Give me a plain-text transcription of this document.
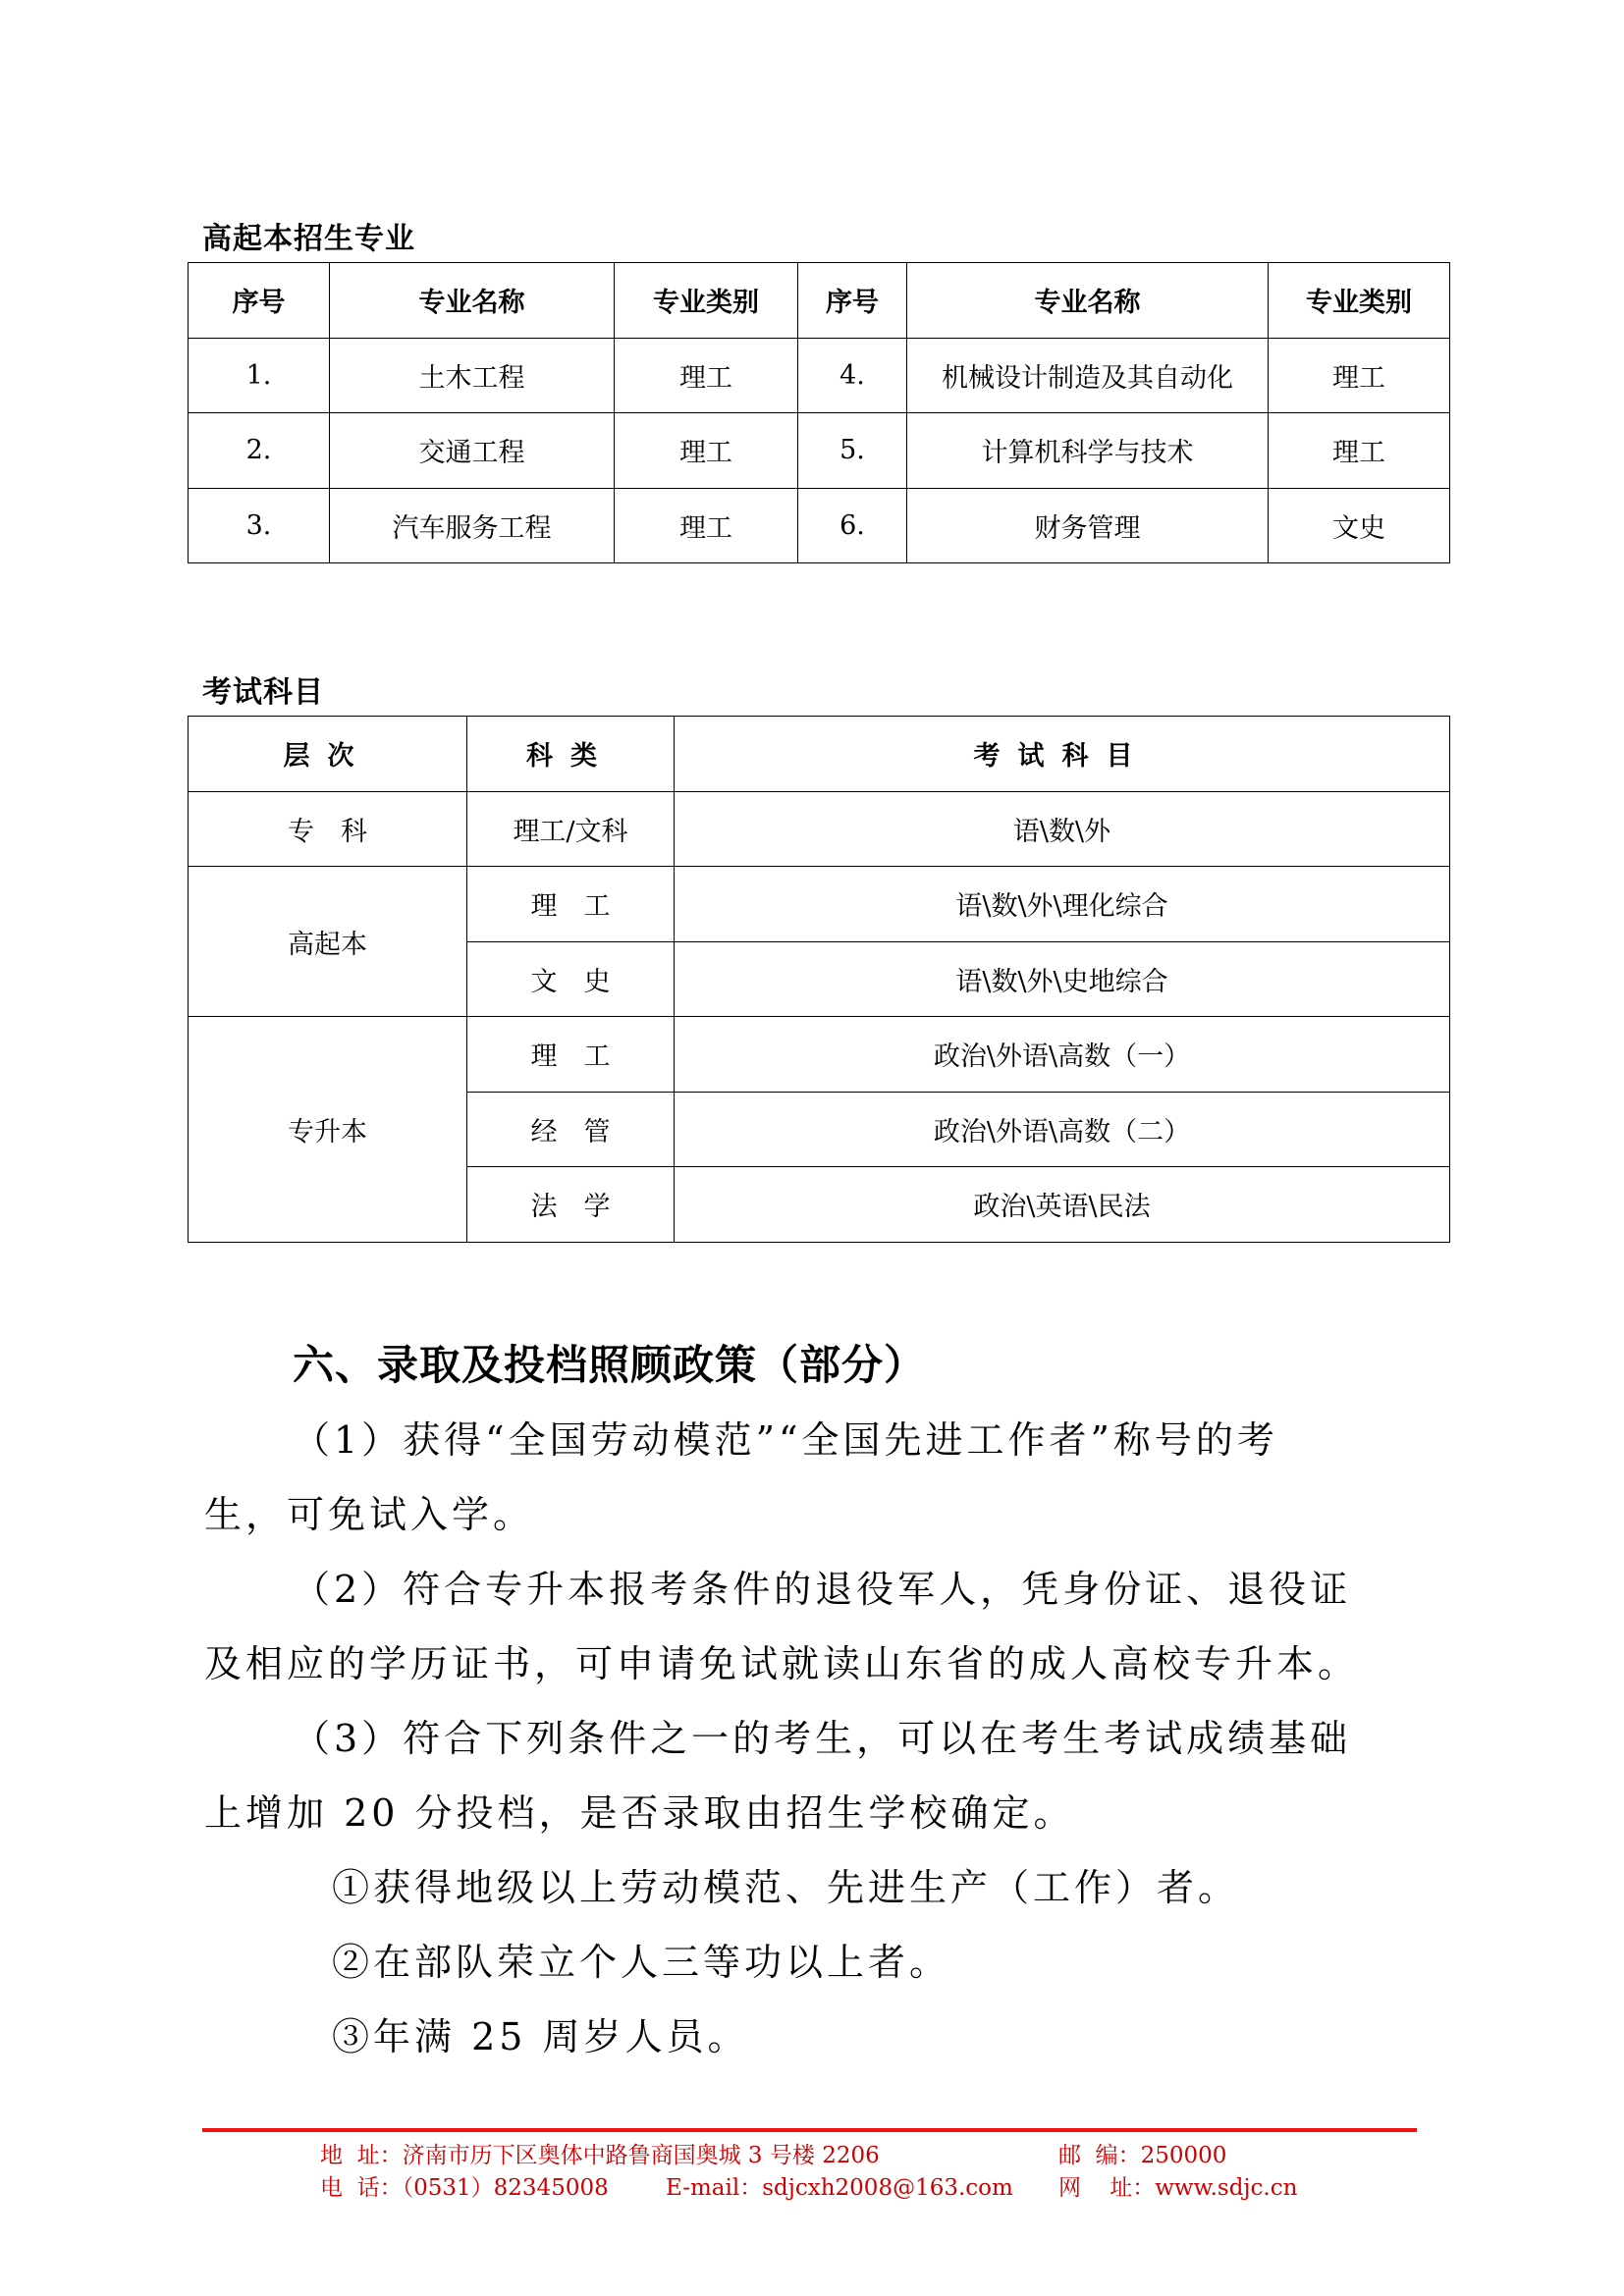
高起本招生专业
序号	专业名称	专业类别	序号	专业名称	专业类别
1.	土木工程	理工	4.	机械设计制造及其自动化	理工
2.	交通工程	理工	5.	计算机科学与技术	理工
3.	汽车服务工程	理工	6.	财务管理	文史
考试科目
层次	科类	考试科目
专　科	理工/文科	语\数\外
高起本	理　工	语\数\外\理化综合
	文　史	语\数\外\史地综合
专升本	理　工	政治\外语\高数（一）
	经　管	政治\外语\高数（二）
	法　学	政治\英语\民法
六、录取及投档照顾政策（部分）
（1）获得“全国劳动模范”“全国先进工作者”称号的考
生，可免试入学。
（2）符合专升本报考条件的退役军人，凭身份证、退役证
及相应的学历证书，可申请免试就读山东省的成人高校专升本。
（3）符合下列条件之一的考生，可以在考生考试成绩基础
上增加 20 分投档，是否录取由招生学校确定。
①获得地级以上劳动模范、先进生产（工作）者。
②在部队荣立个人三等功以上者。
③年满 25 周岁人员。
地  址：济南市历下区奥体中路鲁商国奥城 3 号楼 2206	邮  编：250000
电  话：（0531）82345008	E-mail：sdjcxh2008@163.com 网    址：www.sdjc.cn
